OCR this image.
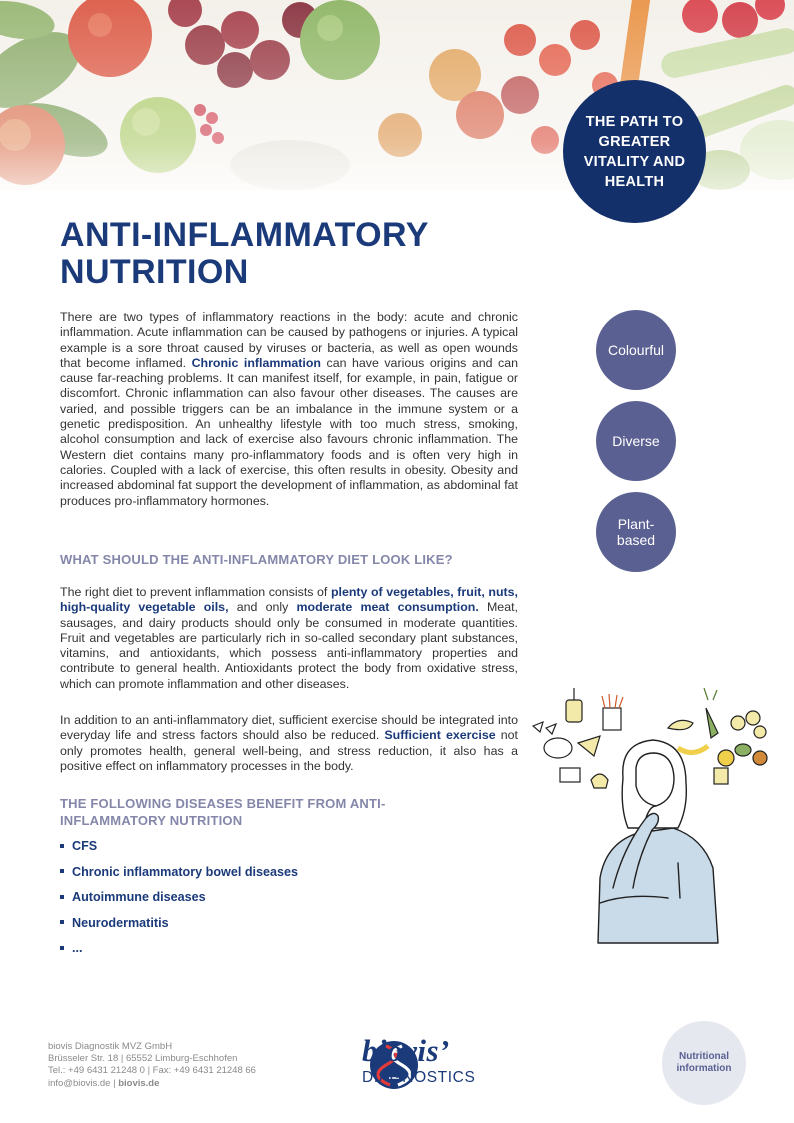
THE PATH TO GREATER VITALITY AND HEALTH
ANTI-INFLAMMATORY
NUTRITION

There are two types of inflammatory reactions in the body: acute and chronic inflammation. Acute inflammation can be caused by pathogens or injuries. A typical example is a sore throat caused by viruses or bacteria, as well as open wounds that become inflamed. Chronic inflammation can have various origins and can cause far-reaching problems. It can manifest itself, for example, in pain, fatigue or discomfort. Chronic inflammation can also favour other diseases. The causes are varied, and possible triggers can be an imbalance in the immune system or a genetic predisposition. An unhealthy lifestyle with too much stress, smoking, alcohol consumption and lack of exercise also favours chronic inflammation. The Western diet contains many pro-inflammatory foods and is often very high in calories. Coupled with a lack of exercise, this often results in obesity. Obesity and increased abdominal fat support the development of inflammation, as abdominal fat produces pro-inflammatory hormones.

WHAT SHOULD THE ANTI-INFLAMMATORY DIET LOOK LIKE?

The right diet to prevent inflammation consists of plenty of vegetables, fruit, nuts, high-quality vegetable oils, and only moderate meat consumption. Meat, sausages, and dairy products should only be consumed in moderate quantities. Fruit and vegetables are particularly rich in so-called secondary plant substances, vitamins, and antioxidants, which possess anti-inflammatory properties and contribute to general health. Antioxidants protect the body from oxidative stress, which can promote inflammation and other diseases.

In addition to an anti-inflammatory diet, sufficient exercise should be integrated into everyday life and stress factors should also be reduced. Sufficient exercise not only promotes health, general well-being, and stress reduction, it also has a positive effect on inflammatory processes in the body.

THE FOLLOWING DISEASES BENEFIT FROM ANTI-INFLAMMATORY NUTRITION
CFS
Chronic inflammatory bowel diseases
Autoimmune diseases
Neurodermatitis
...
Colourful
Diverse
Plant-based
biovis Diagnostik MVZ GmbH
Brüsseler Str. 18 | 65552 Limburg-Eschhofen
Tel.: +49 6431 21248 0 | Fax: +49 6431 21248 66
info@biovis.de | biovis.de
biovis’
DIAGNOSTICS
Nutritional information
